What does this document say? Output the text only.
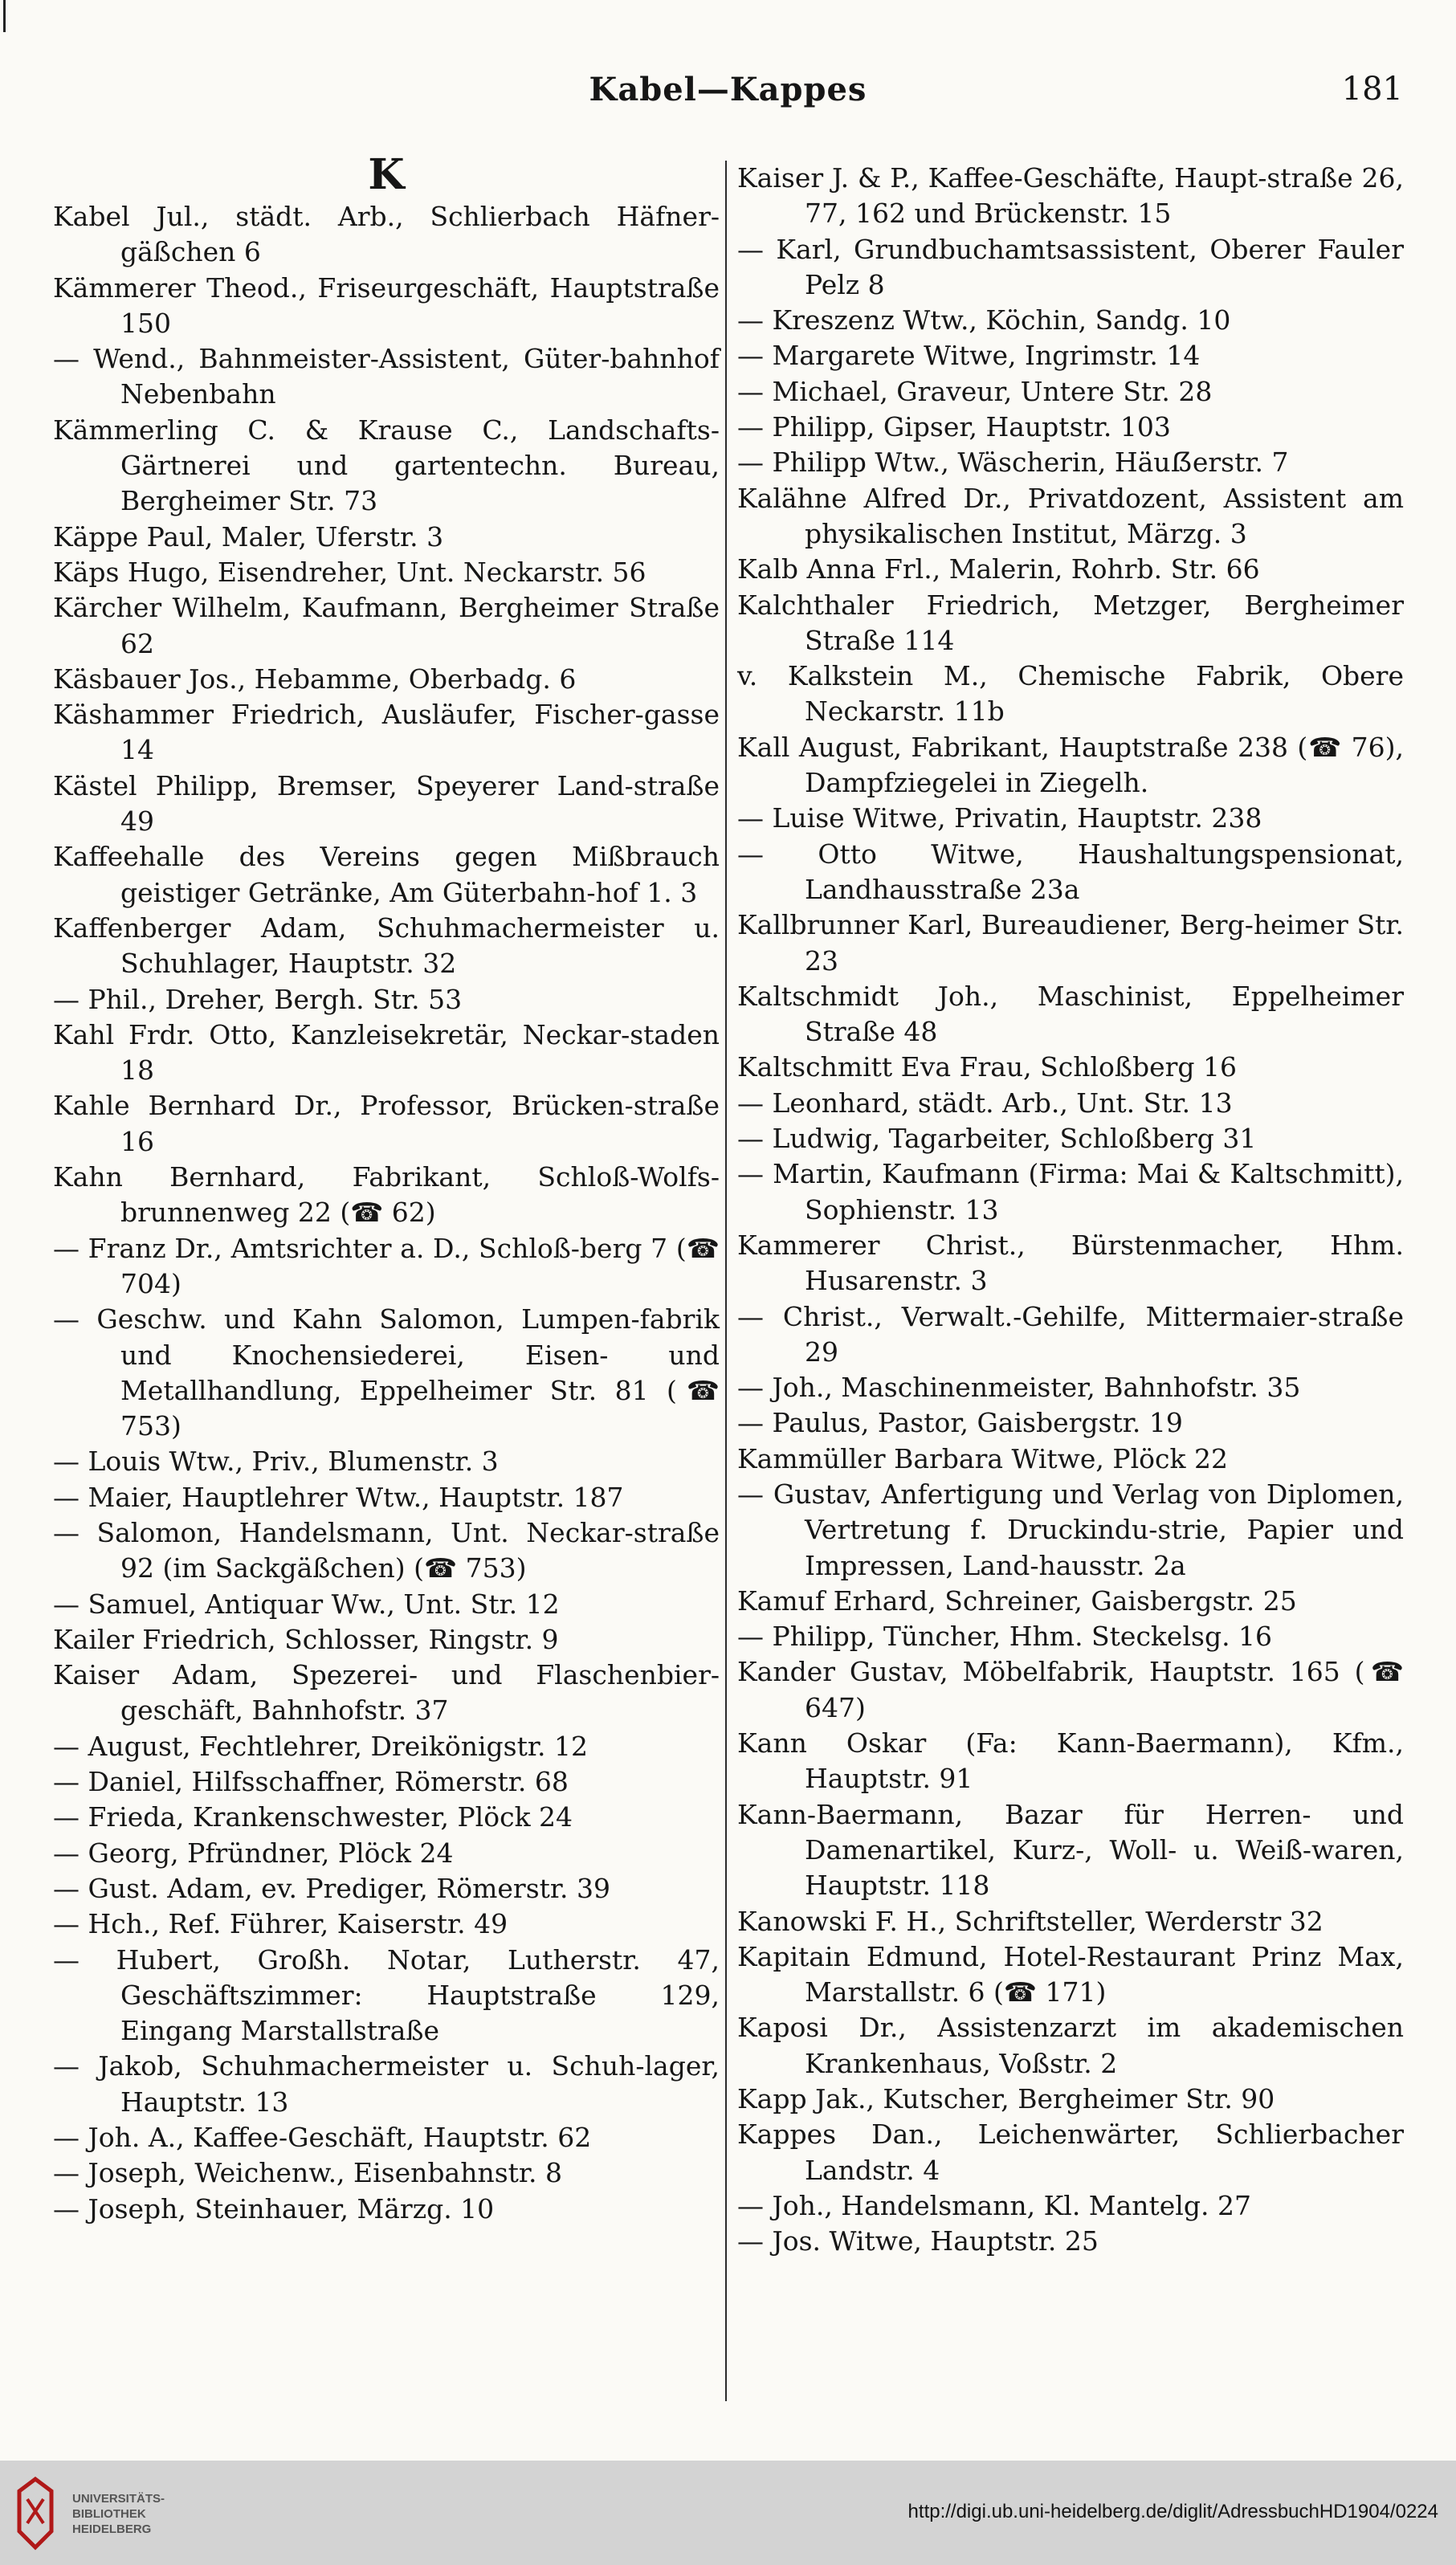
Kabel—Kappes	181
K
Kabel Jul., städt. Arb., Schlierbach Häfner-gäßchen 6
Kämmerer Theod., Friseurgeschäft, Hauptstraße 150
— Wend., Bahnmeister-Assistent, Güter-bahnhof Nebenbahn
Kämmerling C. & Krause C., Landschafts-Gärtnerei und gartentechn. Bureau, Bergheimer Str. 73
Käppe Paul, Maler, Uferstr. 3
Käps Hugo, Eisendreher, Unt. Neckarstr. 56
Kärcher Wilhelm, Kaufmann, Bergheimer Straße 62
Käsbauer Jos., Hebamme, Oberbadg. 6
Käshammer Friedrich, Ausläufer, Fischer-gasse 14
Kästel Philipp, Bremser, Speyerer Land-straße 49
Kaffeehalle des Vereins gegen Mißbrauch geistiger Getränke, Am Güterbahn-hof 1. 3
Kaffenberger Adam, Schuhmachermeister u. Schuhlager, Hauptstr. 32
— Phil., Dreher, Bergh. Str. 53
Kahl Frdr. Otto, Kanzleisekretär, Neckar-staden 18
Kahle Bernhard Dr., Professor, Brücken-straße 16
Kahn Bernhard, Fabrikant, Schloß-Wolfs-brunnenweg 22 (☎ 62)
— Franz Dr., Amtsrichter a. D., Schloß-berg 7 (☎ 704)
— Geschw. und Kahn Salomon, Lumpen-fabrik und Knochensiederei, Eisen- und Metallhandlung, Eppelheimer Str. 81 (☎ 753)
— Louis Wtw., Priv., Blumenstr. 3
— Maier, Hauptlehrer Wtw., Hauptstr. 187
— Salomon, Handelsmann, Unt. Neckar-straße 92 (im Sackgäßchen) (☎ 753)
— Samuel, Antiquar Ww., Unt. Str. 12
Kailer Friedrich, Schlosser, Ringstr. 9
Kaiser Adam, Spezerei- und Flaschenbier-geschäft, Bahnhofstr. 37
— August, Fechtlehrer, Dreikönigstr. 12
— Daniel, Hilfsschaffner, Römerstr. 68
— Frieda, Krankenschwester, Plöck 24
— Georg, Pfründner, Plöck 24
— Gust. Adam, ev. Prediger, Römerstr. 39
— Hch., Ref. Führer, Kaiserstr. 49
— Hubert, Großh. Notar, Lutherstr. 47, Geschäftszimmer: Hauptstraße 129, Eingang Marstallstraße
— Jakob, Schuhmachermeister u. Schuh-lager, Hauptstr. 13
— Joh. A., Kaffee-Geschäft, Hauptstr. 62
— Joseph, Weichenw., Eisenbahnstr. 8
— Joseph, Steinhauer, Märzg. 10
Kaiser J. & P., Kaffee-Geschäfte, Haupt-straße 26, 77, 162 und Brückenstr. 15
— Karl, Grundbuchamtsassistent, Oberer Fauler Pelz 8
— Kreszenz Wtw., Köchin, Sandg. 10
— Margarete Witwe, Ingrimstr. 14
— Michael, Graveur, Untere Str. 28
— Philipp, Gipser, Hauptstr. 103
— Philipp Wtw., Wäscherin, Häuẞerstr. 7
Kalähne Alfred Dr., Privatdozent, Assistent am physikalischen Institut, Märzg. 3
Kalb Anna Frl., Malerin, Rohrb. Str. 66
Kalchthaler Friedrich, Metzger, Bergheimer Straße 114
v. Kalkstein M., Chemische Fabrik, Obere Neckarstr. 11b
Kall August, Fabrikant, Hauptstraße 238 (☎ 76), Dampfziegelei in Ziegelh.
— Luise Witwe, Privatin, Hauptstr. 238
— Otto Witwe, Haushaltungspensionat, Landhausstraße 23a
Kallbrunner Karl, Bureaudiener, Berg-heimer Str. 23
Kaltschmidt Joh., Maschinist, Eppelheimer Straße 48
Kaltschmitt Eva Frau, Schloßberg 16
— Leonhard, städt. Arb., Unt. Str. 13
— Ludwig, Tagarbeiter, Schloßberg 31
— Martin, Kaufmann (Firma: Mai & Kaltschmitt), Sophienstr. 13
Kammerer Christ., Bürstenmacher, Hhm. Husarenstr. 3
— Christ., Verwalt.-Gehilfe, Mittermaier-straße 29
— Joh., Maschinenmeister, Bahnhofstr. 35
— Paulus, Pastor, Gaisbergstr. 19
Kammüller Barbara Witwe, Plöck 22
— Gustav, Anfertigung und Verlag von Diplomen, Vertretung f. Druckindu-strie, Papier und Impressen, Land-hausstr. 2a
Kamuf Erhard, Schreiner, Gaisbergstr. 25
— Philipp, Tüncher, Hhm. Steckelsg. 16
Kander Gustav, Möbelfabrik, Hauptstr. 165 (☎ 647)
Kann Oskar (Fa: Kann-Baermann), Kfm., Hauptstr. 91
Kann-Baermann, Bazar für Herren- und Damenartikel, Kurz-, Woll- u. Weiß-waren, Hauptstr. 118
Kanowski F. H., Schriftsteller, Werderstr 32
Kapitain Edmund, Hotel-Restaurant Prinz Max, Marstallstr. 6 (☎ 171)
Kaposi Dr., Assistenzarzt im akademischen Krankenhaus, Voßstr. 2
Kapp Jak., Kutscher, Bergheimer Str. 90
Kappes Dan., Leichenwärter, Schlierbacher Landstr. 4
— Joh., Handelsmann, Kl. Mantelg. 27
— Jos. Witwe, Hauptstr. 25
UNIVERSITÄTS-
BIBLIOTHEK
HEIDELBERG
http://digi.ub.uni-heidelberg.de/diglit/AdressbuchHD1904/0224
